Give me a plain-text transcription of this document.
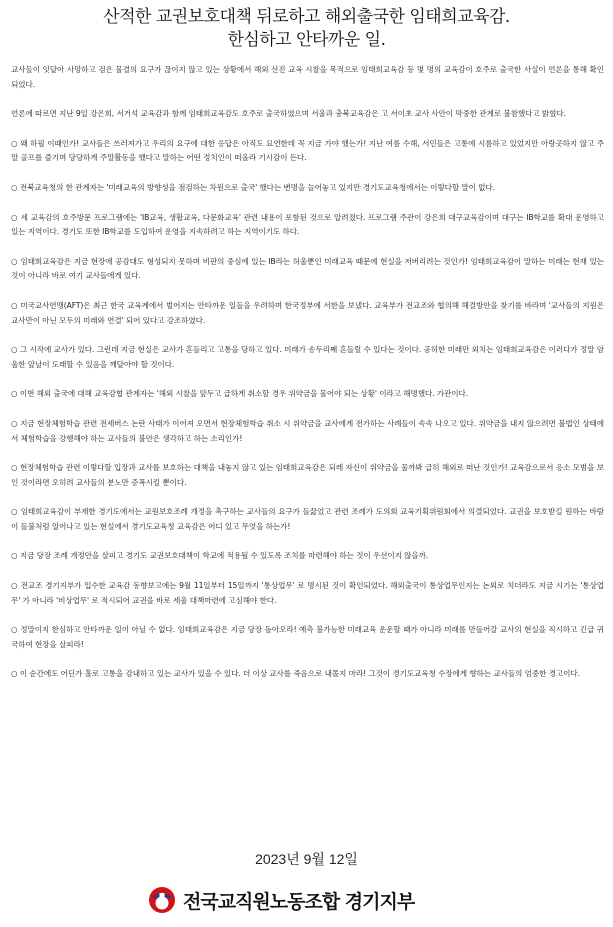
산적한 교권보호대책 뒤로하고 해외출국한 임태희교육감.
한심하고 안타까운 일.

교사들이 잇달아 사망하고 검은 물결의 요구가 끊이지 않고 있는 상황에서 해외 선진 교육 시찰을 목적으로 임태희교육감 등 몇 명의 교육감이 호주로 출국한 사실이 언론을 통해 확인되었다.

언론에 따르면 지난 9일 강은희, 서거석 교육감과 함께 임태희교육감도 호주로 출국하였으며 서울과 충북교육감은 고 서이초 교사 사안이 막중한 관계로 불참했다고 밝혔다.

○ 왜 하필 이때인가! 교사들은 쓰러져가고 우리의 요구에 대한 응답은 아직도 묘연한데 꼭 지금 가야 했는가! 지난 여름 수해, 서민들은 고통에 시름하고 있었지만 아랑곳하지 않고 주말 골프를 즐기며 당당하게 주말활동을 했다고 말하는 어떤 정치인이 떠올라 기시감이 든다.

○ 전북교육청의 한 관계자는 '미래교육의 방향성을 점검하는 차원으로 출국' 했다는 변명을 늘어놓고 있지만 경기도교육청에서는 이렇다할 말이 없다.

○ 세 교육감의 호주방문 프로그램에는 'IB교육, 생활교육, 다문화교육' 관련 내용이 포함된 것으로 알려졌다. 프로그램 주관이 강은희 대구교육감이며 대구는 IB학교를 확대 운영하고 있는 지역이다. 경기도 또한 IB학교를 도입하여 운영을 지속하려고 하는 지역이기도 하다.

○ 임태희교육감은 지금 현장에 공감대도 형성되지 못하며 비판의 중심에 있는 IB라는 허울뿐인 미래교육 때문에 현실을 저버리려는 것인가! 임태희교육감이 말하는 미래는 현재 있는 것이 아니라 바로 여기 교사들에게 있다.

○ 미국교사연맹(AFT)은 최근 한국 교육계에서 벌어지는 안타까운 일들을 우려하며 한국정부에 서한을 보냈다. 교육부가 전교조와 협의해 해결방안을 찾기를 바라며 '교사들의 지원은 교사만이 아닌 모두의 미래와 연결' 되어 있다고 강조하였다.

○ 그 시작에 교사가 있다. 그런데 지금 현실은 교사가 흔들리고 고통을 당하고 있다. 미래가 송두리째 흔들릴 수 있다는 것이다. 공허한 미래만 외치는 임태희교육감은 이러다가 정말 암울한 앞날이 도래할 수 있음을 깨달아야 할 것이다.

○ 이번 해외 출국에 대해 교육감협 관계자는 '해외 시찰을 앞두고 급하게 취소할 경우 위약금을 물어야 되는 상황' 이라고 해명했다. 가관이다.

○ 지금 현장체험학습 관련 전세버스 논란 사태가 이어져 오면서 현장체험학습 취소 시 위약금을 교사에게 전가하는 사례들이 속속 나오고 있다. 위약금을 내지 않으려면 불법인 상태에서 체험학습을 강행해야 하는 교사들의 불안은 생각하고 하는 소리인가!

○ 현장체험학습 관련 이렇다할 입장과 교사를 보호하는 대책을 내놓지 않고 있는 임태희교육감은 되레 자신이 위약금을 물까봐 급히 해외로 떠난 것인가! 교육감으로서 응소 모범을 보인 것이라면 오히려 교사들의 분노만 증폭시킬 뿐이다.

○ 임태희교육감이 부재한 경기도에서는 교원보호조례 개정을 촉구하는 교사들의 요구가 들끓었고 관련 조례가 도의회 교육기획위원회에서 의결되었다. 교권을 보호받길 원하는 바람이 들불처럼 일어나고 있는 현실에서 경기도교육청 교육감은 어디 있고 무엇을 하는가!

○ 지금 당장 조례 개정안을 살피고 경기도 교권보호대책이 학교에 적용될 수 있도록 조치를 마련해야 하는 것이 우선이지 않을까.

○ 전교조 경기지부가 입수한 교육감 동향보고에는 9월 11일부터 15일까지 '통상업무' 로 명시된 것이 확인되었다. 해외출국이 통상업무인지는 논외로 치더라도 지금 시기는 '통상업무' 가 아니라 '비상업무' 로 적시되어 교권을 바로 세울 대책마련에 고심해야 한다.

○ 정말이지 한심하고 안타까운 일이 아닐 수 없다. 임태희교육감은 지금 당장 돌아오라! 예측 불가능한 미래교육 운운할 때가 아니라 미래를 만들어갈 교사의 현실을 직시하고 긴급 귀국하여 현장을 살피라!

○ 이 순간에도 어딘가 홀로 고통을 감내하고 있는 교사가 있을 수 있다. 더 이상 교사를 죽음으로 내몰지 마라! 그것이 경기도교육청 수장에게 향하는 교사들의 엄중한 경고이다.

2023년 9월 12일
전국교직원노동조합 경기지부
